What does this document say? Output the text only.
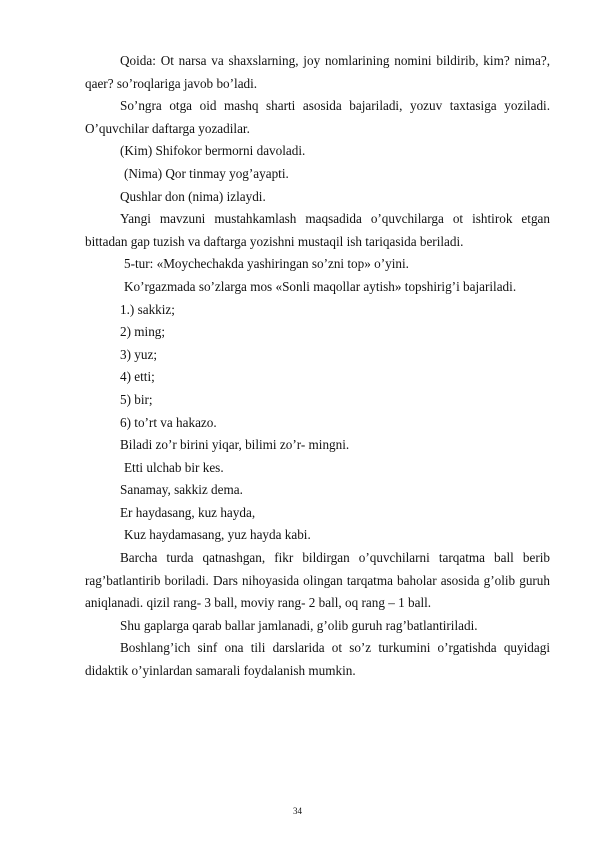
Qoida: Ot narsa va shaxslarning, joy nomlarining nomini bildirib, kim? nima?, qaer? so’roqlariga javob bo’ladi.

So’ngra otga oid mashq sharti asosida bajariladi, yozuv taxtasiga yoziladi. O’quvchilar daftarga yozadilar.

(Kim) Shifokor bermorni davoladi.

(Nima) Qor tinmay yog’ayapti.

Qushlar don (nima) izlaydi.

Yangi mavzuni mustahkamlash maqsadida o’quvchilarga ot ishtirok etgan bittadan gap tuzish va daftarga yozishni mustaqil ish tariqasida beriladi.

5-tur: «Moychechakda yashiringan so’zni top» o’yini.

Ko’rgazmada so’zlarga mos «Sonli maqollar aytish» topshirig’i bajariladi.

1.) sakkiz;

2) ming;

3) yuz;

4) etti;

5) bir;

6) to’rt va hakazo.

Biladi zo’r birini yiqar, bilimi zo’r- mingni.

Etti ulchab bir kes.

Sanamay, sakkiz dema.

Er haydasang, kuz hayda,

Kuz haydamasang, yuz hayda kabi.

Barcha turda qatnashgan, fikr bildirgan o’quvchilarni tarqatma ball berib rag’batlantirib boriladi. Dars nihoyasida olingan tarqatma baholar asosida g’olib guruh aniqlanadi. qizil rang- 3 ball, moviy rang- 2 ball, oq rang – 1 ball.

Shu gaplarga qarab ballar jamlanadi, g’olib guruh rag’batlantiriladi.

Boshlang’ich sinf ona tili darslarida ot so’z turkumini o’rgatishda quyidagi didaktik o’yinlardan samarali foydalanish mumkin.

34
